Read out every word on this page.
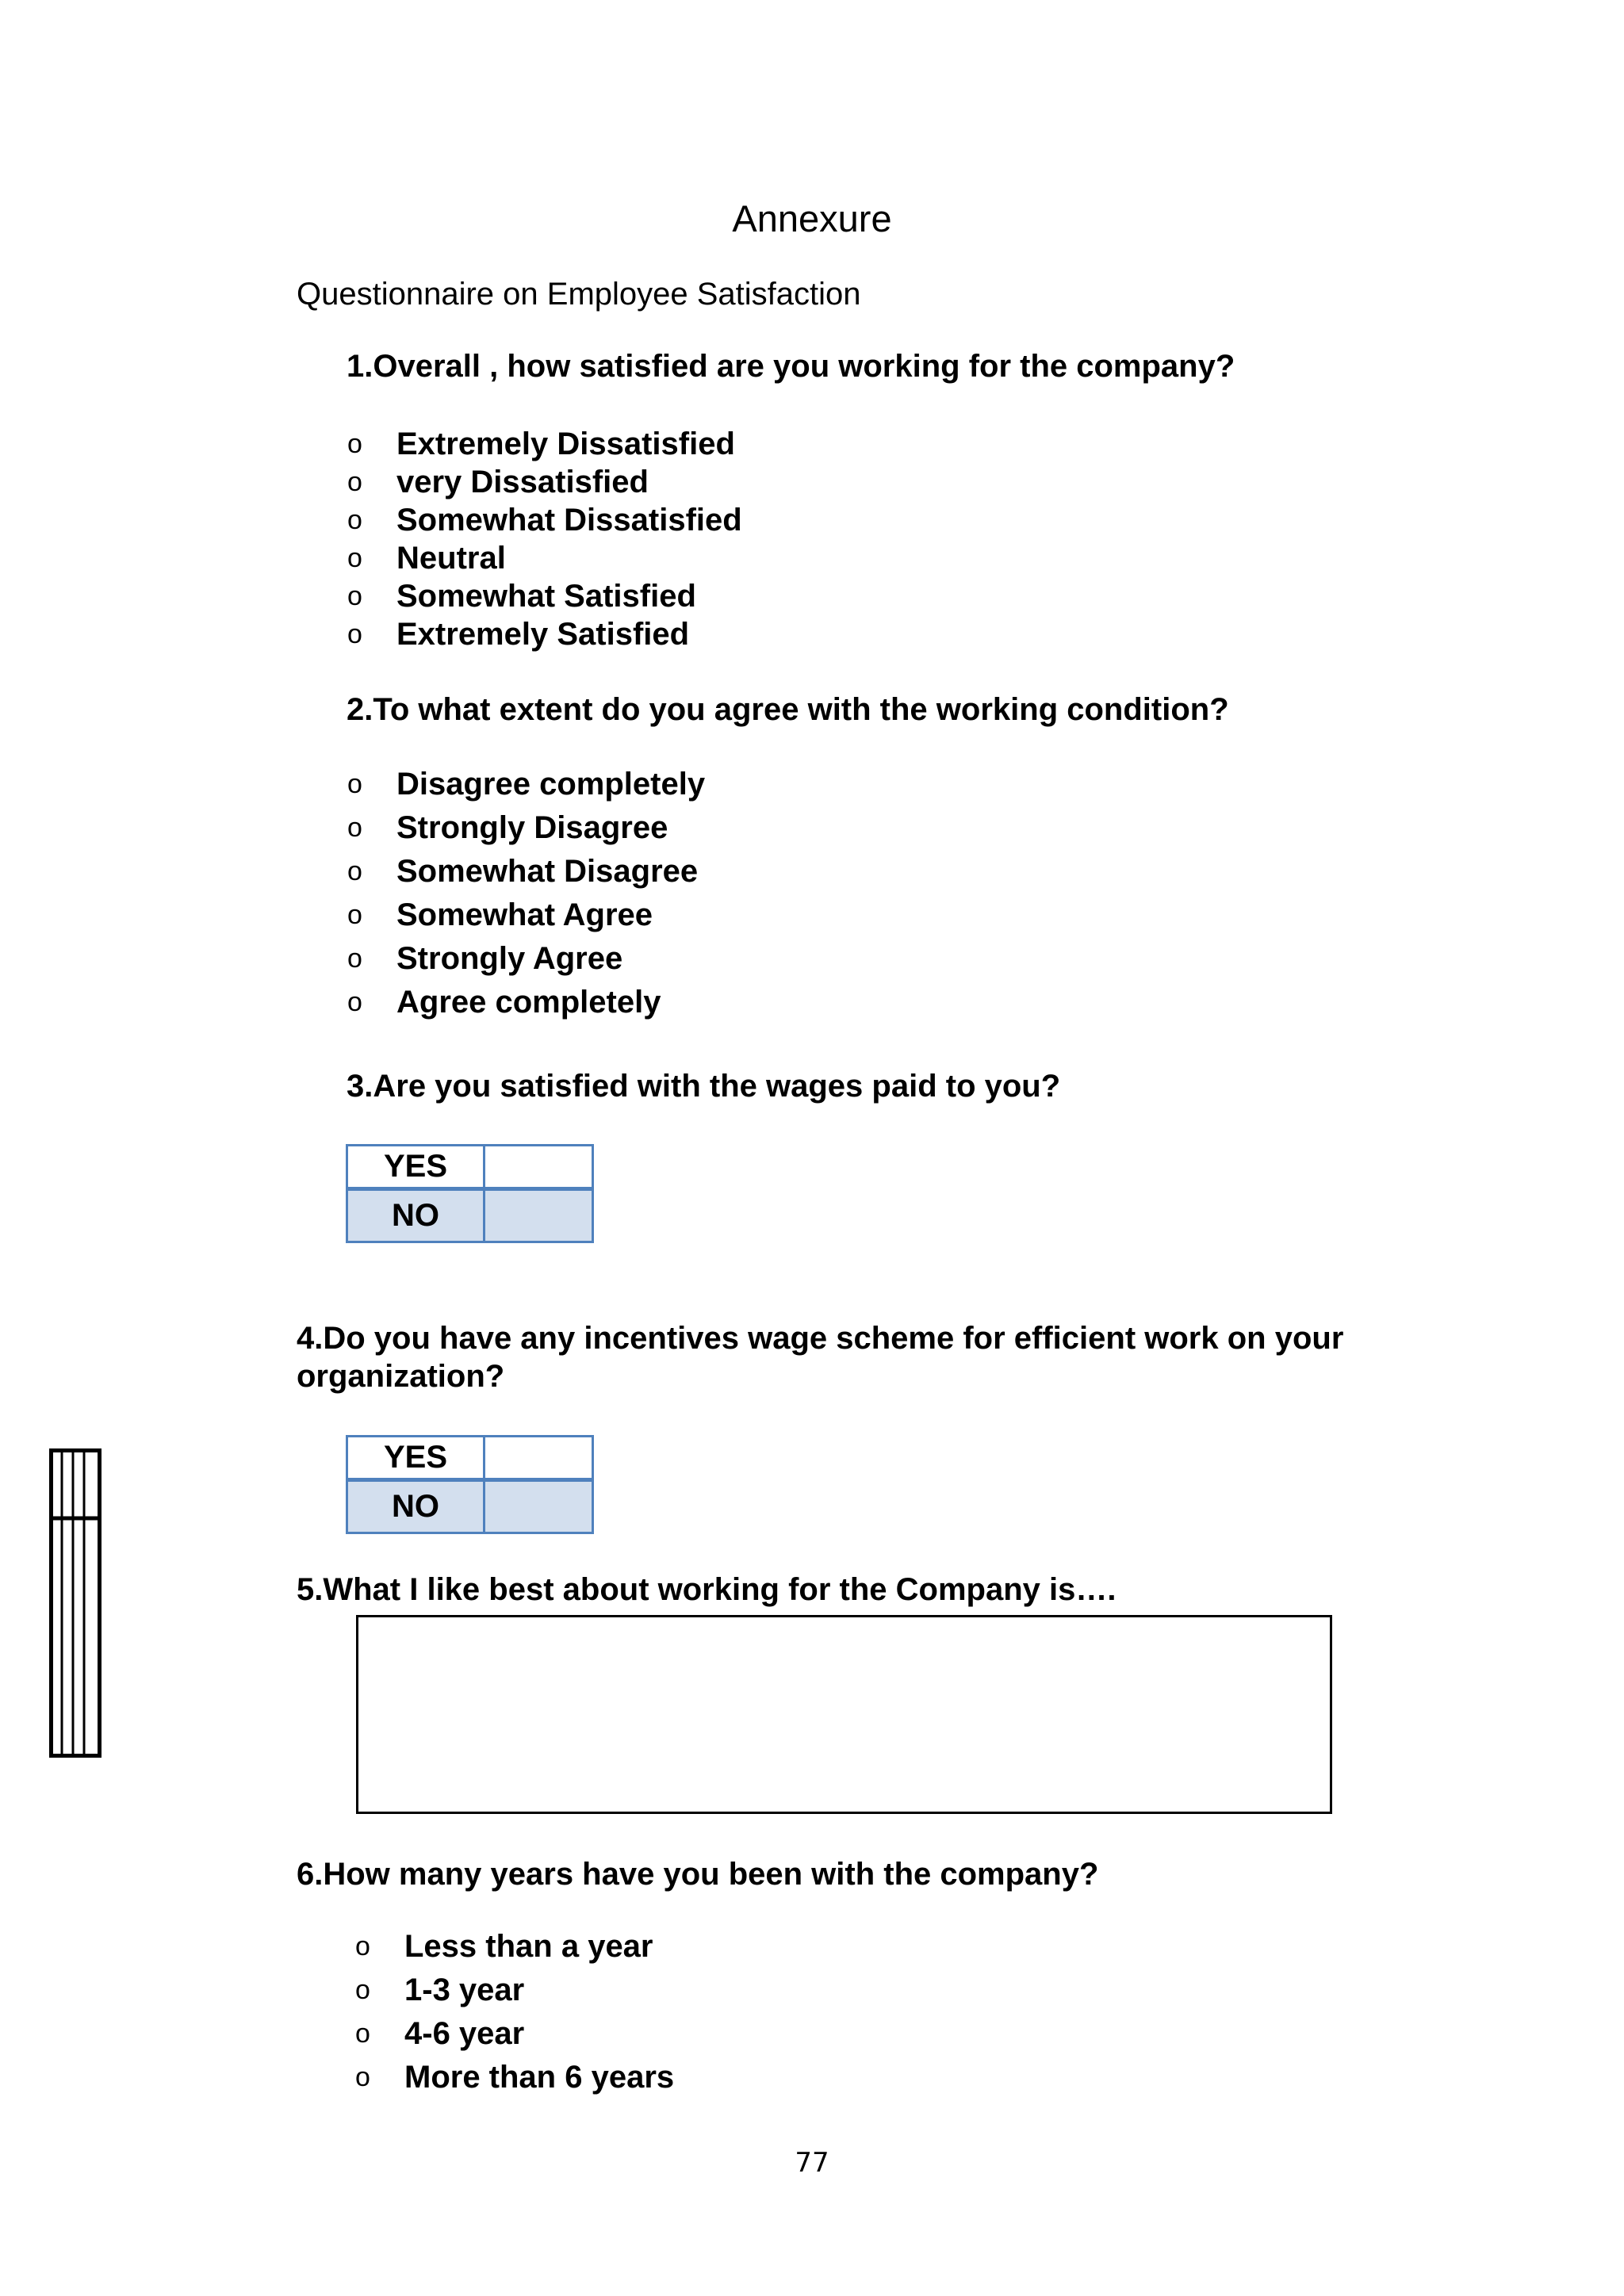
Annexure
Questionnaire on Employee Satisfaction
1.Overall , how satisfied are you working for the company?
o Extremely Dissatisfied
o very Dissatisfied
o Somewhat Dissatisfied
o Neutral
o Somewhat Satisfied
o Extremely Satisfied
2.To what extent do you agree with the working condition?
o Disagree completely
o Strongly Disagree
o Somewhat Disagree
o Somewhat Agree
o Strongly Agree
o Agree completely
3.Are you satisfied with the wages paid to you?
YES
NO
4.Do you have any incentives wage scheme for efficient work on your organization?
YES
NO
5.What I like best about working for the Company is….
6.How many years have you been with the company?
o Less than a year
o 1-3 year
o 4-6 year
o More than 6 years
77
